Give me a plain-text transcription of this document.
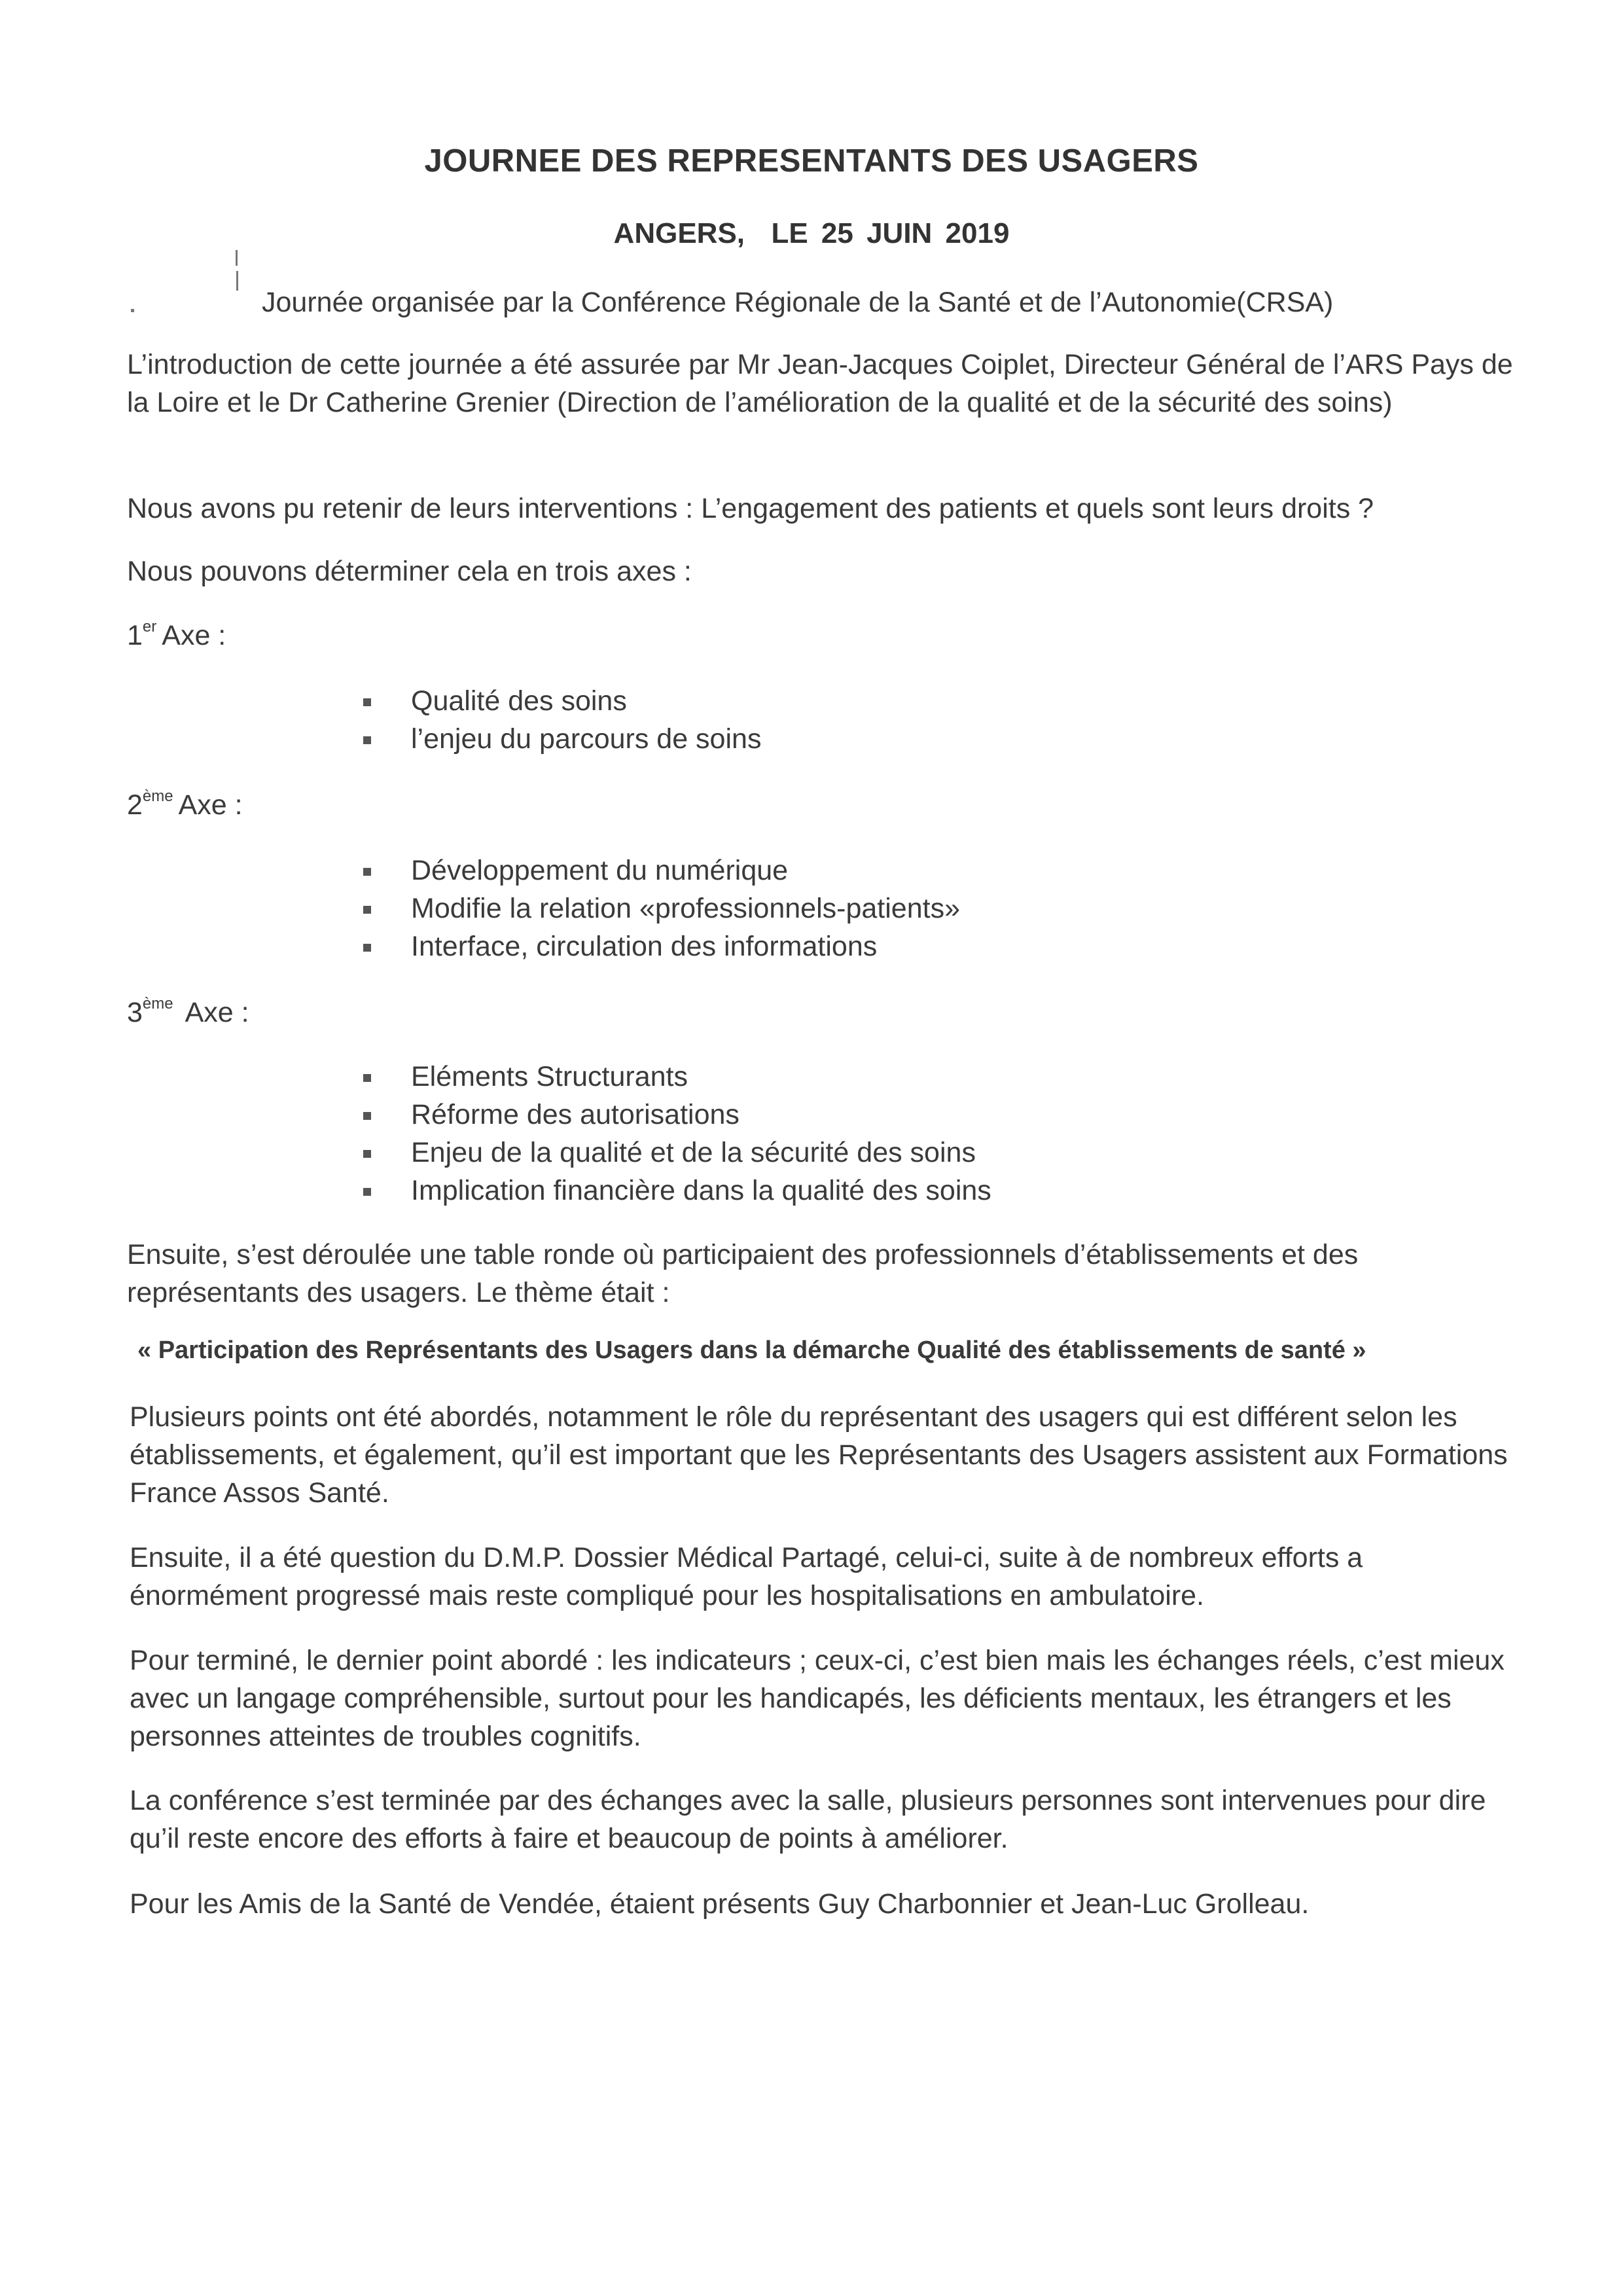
JOURNEE DES REPRESENTANTS DES USAGERS
ANGERS,  LE 25 JUIN 2019
Journée organisée par la Conférence Régionale de la Santé et de l’Autonomie(CRSA)
L’introduction de cette journée a été assurée par Mr Jean-Jacques Coiplet, Directeur Général de l’ARS Pays de la Loire et le Dr Catherine Grenier (Direction de l’amélioration de la qualité et de la sécurité des soins)
Nous avons pu retenir de leurs interventions : L’engagement des patients et quels sont leurs droits ?
Nous pouvons déterminer cela en trois axes :
1er Axe :
Qualité des soins
l’enjeu du parcours de soins
2ème Axe :
Développement du numérique
Modifie la relation «professionnels-patients»
Interface, circulation des informations
3ème Axe :
Eléments Structurants
Réforme des autorisations
Enjeu de la qualité et de la sécurité des soins
Implication financière dans la qualité des soins
Ensuite, s’est déroulée une table ronde où participaient des professionnels d’établissements et des représentants des usagers. Le thème était :
« Participation des Représentants des Usagers dans la démarche Qualité des établissements de santé »
Plusieurs points ont été abordés, notamment le rôle du représentant des usagers qui est différent selon les établissements, et également, qu’il est important que les Représentants des Usagers assistent aux Formations France Assos Santé.
Ensuite, il a été question du D.M.P. Dossier Médical Partagé, celui-ci, suite à de nombreux efforts a énormément progressé mais reste compliqué pour les hospitalisations en ambulatoire.
Pour terminé, le dernier point abordé : les indicateurs ; ceux-ci, c’est bien mais les échanges réels, c’est mieux avec un langage compréhensible, surtout pour les handicapés, les déficients mentaux, les étrangers et les personnes atteintes de troubles cognitifs.
La conférence s’est terminée par des échanges avec la salle, plusieurs personnes sont intervenues pour dire qu’il reste encore des efforts à faire et beaucoup de points à améliorer.
Pour les Amis de la Santé de Vendée, étaient présents Guy Charbonnier et Jean-Luc Grolleau.
